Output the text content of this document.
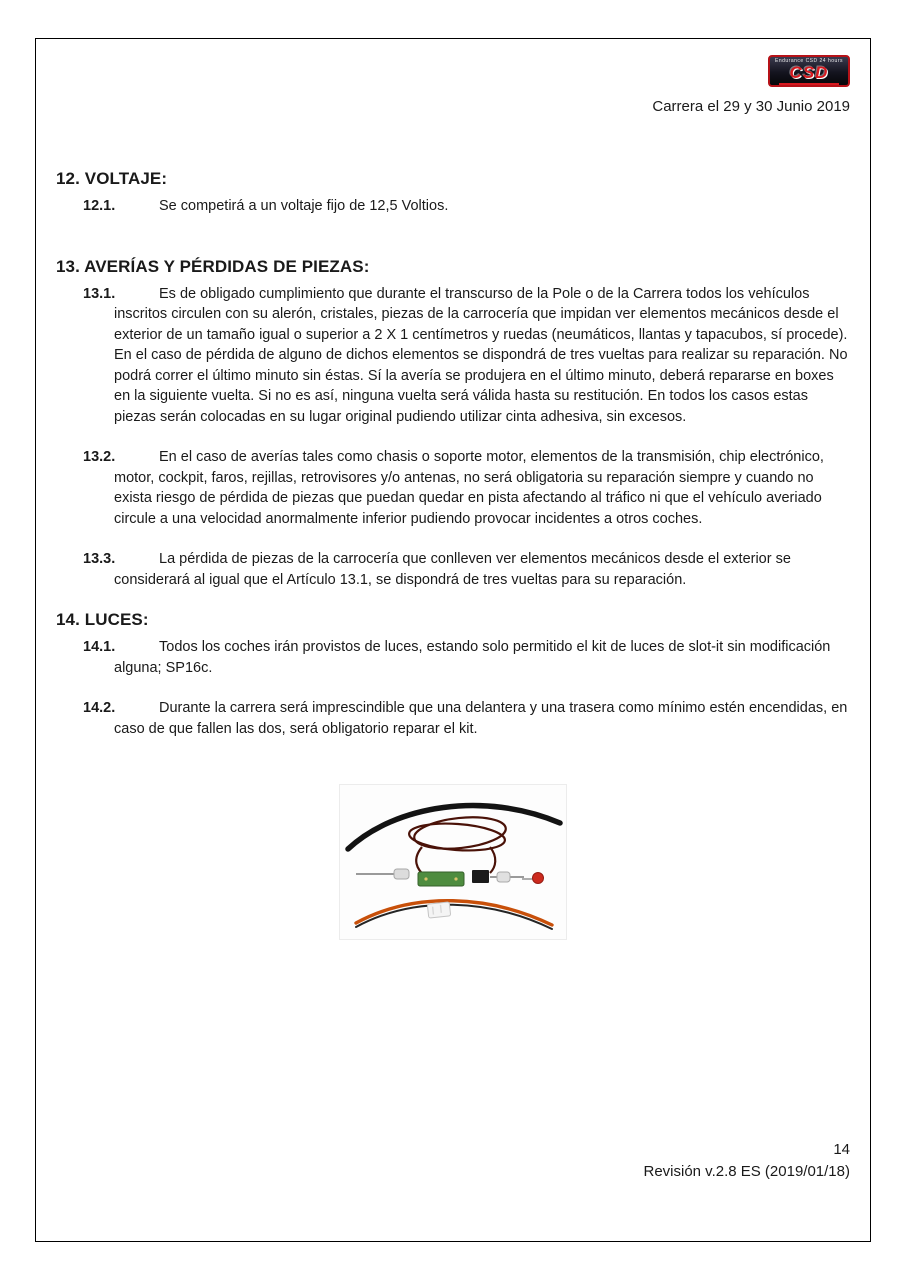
Endurance CSD 24 hours
CSD
Carrera el 29 y 30 Junio 2019
12. VOLTAJE:
12.1.	Se competirá a un voltaje fijo de 12,5 Voltios.
13. AVERÍAS Y PÉRDIDAS DE PIEZAS:
13.1.	Es de obligado cumplimiento que durante el transcurso de la Pole o de la Carrera todos los vehículos inscritos circulen con su alerón, cristales, piezas de la carrocería que impidan ver elementos mecánicos desde el exterior de un tamaño igual o superior a 2 X 1 centímetros y ruedas (neumáticos, llantas y tapacubos, sí procede). En el caso de pérdida de alguno de dichos elementos se dispondrá de tres vueltas para realizar su reparación. No podrá correr el último minuto sin éstas. Sí la avería se produjera en el último minuto, deberá repararse en boxes en la siguiente vuelta. Si no es así, ninguna vuelta será válida hasta su restitución. En todos los casos estas piezas serán colocadas en su lugar original pudiendo utilizar cinta adhesiva, sin excesos.
13.2.	En el caso de averías tales como chasis o soporte motor, elementos de la transmisión, chip electrónico, motor, cockpit, faros, rejillas, retrovisores y/o antenas, no será obligatoria su reparación siempre y cuando no exista riesgo de pérdida de piezas que puedan quedar en pista afectando al tráfico ni que el vehículo averiado circule a una velocidad anormalmente inferior pudiendo provocar incidentes a otros coches.
13.3.	La pérdida de piezas de la carrocería que conlleven ver elementos mecánicos desde el exterior se considerará al igual que el Artículo 13.1, se dispondrá de tres vueltas para su reparación.
14. LUCES:
14.1.	Todos los coches irán provistos de luces, estando solo permitido el kit de luces de slot-it sin modificación alguna; SP16c.
14.2.	Durante la carrera será imprescindible que una delantera y una trasera como mínimo estén encendidas, en caso de que fallen las dos, será obligatorio reparar el kit.
14
Revisión v.2.8 ES (2019/01/18)
